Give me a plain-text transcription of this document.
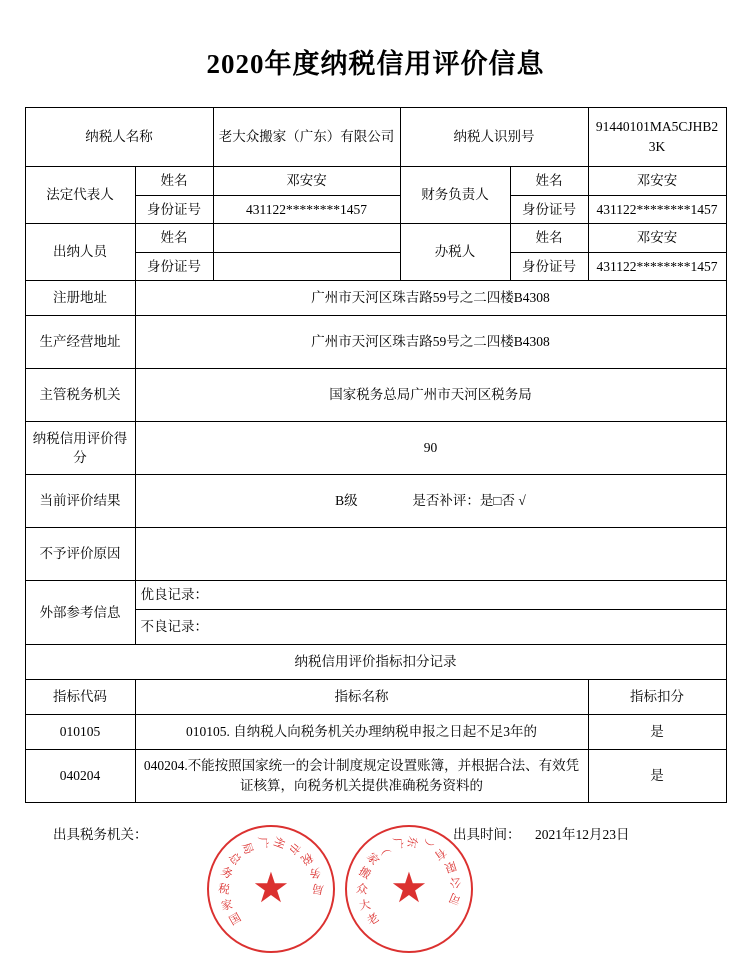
2020年度纳税信用评价信息
纳税人名称		老大众搬家（广东）有限公司	纳税人识别号		91440101MA5CJHB23K
法定代表人	姓名	邓安安	财务负责人	姓名	邓安安
	身份证号	431122********1457		身份证号	431122********1457
出纳人员	姓名		办税人	姓名	邓安安
	身份证号			身份证号	431122********1457
注册地址	广州市天河区珠吉路59号之二四楼B4308				
生产经营地址	广州市天河区珠吉路59号之二四楼B4308				
主管税务机关	国家税务总局广州市天河区税务局				
纳税信用评价得分	90				
当前评价结果	B级 是否补评：是□否 √				
不予评价原因					
外部参考信息	优良记录：				
	不良记录：				
纳税信用评价指标扣分记录					
指标代码	指标名称				指标扣分
010105	010105. 自纳税人向税务机关办理纳税申报之日起不足3年的				是
040204	040204.不能按照国家统一的会计制度规定设置账簿，并根据合法、有效凭证核算，向税务机关提供准确税务资料的				是
出具税务机关：	出具时间： 2021年12月23日
国
家
税
务
总
局 广 州 市
税
务
局
★
老
大
众
搬
家
（ 广 东 ）
有
限
公
司
★
